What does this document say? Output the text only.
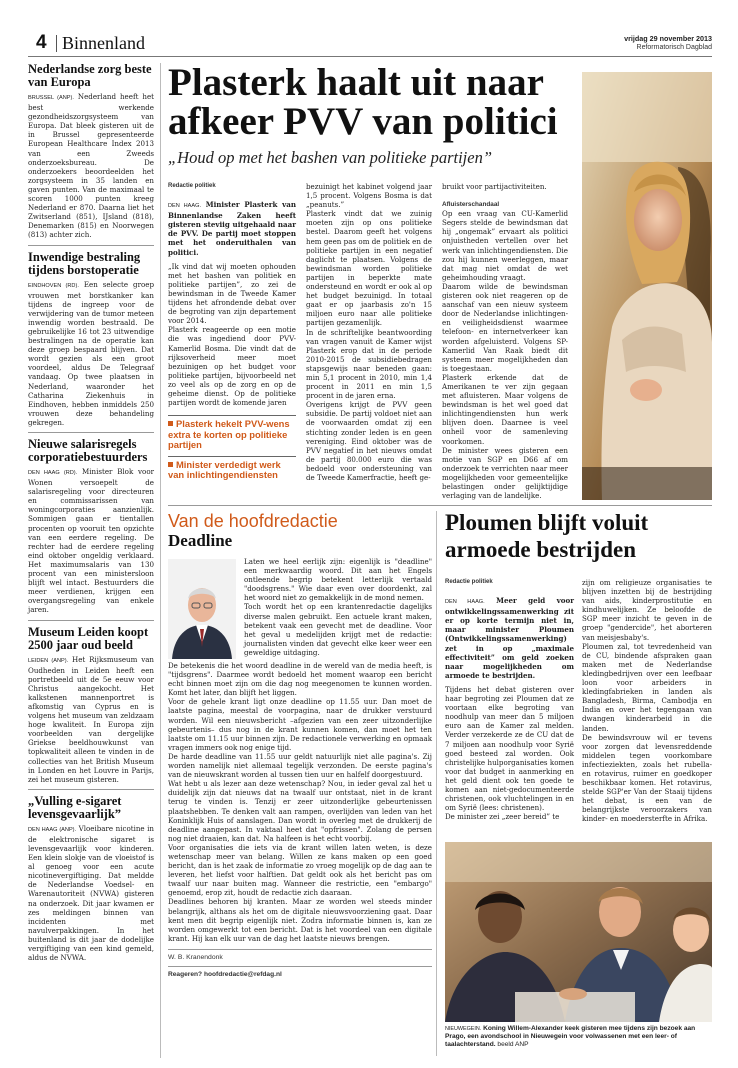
4 Binnenland	vrijdag 29 november 2013
Reformatorisch Dagblad
Nederlandse zorg beste van Europa
BRUSSEL (ANP). Nederland heeft het best werkende gezondheidszorgsysteem van Europa. Dat bleek gisteren uit de in Brussel gepresenteerde European Healthcare Index 2013 van een Zweeds onderzoeksbureau. De onderzoekers beoordeelden het zorgsysteem in 35 landen en gaven punten. Van de maximaal te scoren 1000 punten kreeg Nederland er 870. Daarna liet het Zwitserland (851), IJsland (818), Denemarken (815) en Noorwegen (813) achter zich.
Inwendige bestraling tijdens borstoperatie
EINDHOVEN (RD). Een selecte groep vrouwen met borstkanker kan tijdens de ingreep voor de verwijdering van de tumor meteen inwendig worden bestraald. De gebruikelijke 16 tot 23 uitwendige bestralingen na de operatie kan deze groep bespaard blijven. Dat wordt gezien als een groot voordeel, aldus De Telegraaf vandaag. Op twee plaatsen in Nederland, waaronder het Catharina Ziekenhuis in Eindhoven, hebben inmiddels 250 vrouwen deze behandeling gekregen.
Nieuwe salarisregels corporatiebestuurders
DEN HAAG (RD). Minister Blok voor Wonen versoepelt de salarisregeling voor directeuren en commissarissen van woningcorporaties aanzienlijk. Sommigen gaan er tientallen procenten op vooruit ten opzichte van een eerdere regeling. De rechter had de eerdere regeling eind oktober ongeldig verklaard. Het maximumsalaris van 130 procent van een ministersloon blijft wel intact. Bestuurders die meer verdienen, krijgen een overgangsregeling van enkele jaren.
Museum Leiden koopt 2500 jaar oud beeld
LEIDEN (ANP). Het Rijksmuseum van Oudheden in Leiden heeft een portretbeeld uit de 5e eeuw voor Christus aangekocht. Het kalkstenen mannenportret is afkomstig van Cyprus en is volgens het museum van zeldzaam hoge kwaliteit. In Europa zijn voorbeelden van dergelijke Griekse beeldhouwkunst van topkwaliteit alleen te vinden in de collecties van het British Museum in Londen en het Louvre in Parijs, zei het museum gisteren.
„Vulling e-sigaret levensgevaarlijk”
DEN HAAG (ANP). Vloeibare nicotine in de elektronische sigaret is levensgevaarlijk voor kinderen. Een klein slokje van de vloeistof is al genoeg voor een acute nicotinevergiftiging. Dat meldde de Nederlandse Voedsel- en Warenautoriteit (NVWA) gisteren na onderzoek. Dit jaar kwamen er zes meldingen binnen van incidenten met navulverpakkingen. In het buitenland is dit jaar de dodelijke vergiftiging van een kind gemeld, aldus de NVWA.
Plasterk haalt uit naar afkeer PVV van politici
„Houd op met het bashen van politieke partijen”
Redactie politiek
DEN HAAG. Minister Plasterk van Binnenlandse Zaken heeft gisteren steviig uitgehaald naar de PVV. De partij moet stoppen met het onderuithalen van politici.
„Ik vind dat wij moeten ophouden met het bashen van politiek en politieke partijen”, zo zei de bewindsman in de Tweede Kamer tijdens het afrondende debat over de begroting van zijn departement voor 2014.
Plasterk reageerde op een motie die was ingediend door PVV-Kamerlid Bosma. Die vindt dat de rijksoverheid meer moet bezuinigen op het budget voor politieke partijen, bijvoorbeeld net zo veel als op de zorg en op de geheime dienst. Op de politieke partijen wordt de komende jaren
Plasterk hekelt PVV-wens extra te korten op politieke partijen
Minister verdedigt werk van inlichtingendiensten
bezuinigt het kabinet volgend jaar 1,5 procent. Volgens Bosma is dat „peanuts.”
Plasterk vindt dat we zuinig moeten zijn op ons politieke bestel. Daarom geeft het volgens hem geen pas om de politiek en de politieke partijen in een negatief daglicht te plaatsen. Volgens de bewindsman worden politieke partijen in beperkte mate ondersteund en wordt er ook al op het budget bezuinigd. In totaal gaat er op jaarbasis zo'n 15 miljoen euro naar alle politieke partijen gezamenlijk.
In de schriftelijke beantwoording van vragen vanuit de Kamer wijst Plasterk erop dat in de periode 2010-2015 de subsidiebedragen stapsgewijs naar beneden gaan: min 5,1 procent in 2010, min 1,4 procent in 2011 en min 1,5 procent in de jaren erna.
Overigens krijgt de PVV geen subsidie. De partij voldoet niet aan de voorwaarden omdat zij een stichting zonder leden is en geen vereniging. Eind oktober was de PVV negatief in het nieuws omdat de partij 80.000 euro die was bedoeld voor ondersteuning van de Tweede Kamerfractie, heeft ge-
bruikt voor partijactiviteiten.
Afluisterschandaal
Op een vraag van CU-Kamerlid Segers stelde de bewindsman dat hij „ongemak” ervaart als politici onjuistheden vertellen over het werk van inlichtingendiensten. Die zou hij kunnen weerleggen, maar dat mag niet omdat de wet geheimhouding vraagt.
Daarom wilde de bewindsman gisteren ook niet reageren op de aanschaf van een nieuw systeem door de Nederlandse inlichtingen- en veiligheidsdienst waarmee telefoon- en internetverkeer kan worden afgeluisterd. Volgens SP-Kamerlid Van Raak biedt dit systeem meer mogelijkheden dan is toegestaan.
Plasterk erkende dat de Amerikanen te ver zijn gegaan met afluisteren. Maar volgens de bewindsman is het wel goed dat inlichtingendiensten hun werk blijven doen. Daarnee is veel onheil voor de samenleving voorkomen.
De minister wees gisteren een motie van SGP en D66 af om onderzoek te verrichten naar meer mogelijkheden voor gemeentelijke belastingen onder gelijktijdige verlaging van de landelijke.
Van de hoofdredactie
Deadline
Laten we heel eerlijk zijn: eigenlijk is "deadline" een merkwaardig woord. Dit aan het Engels ontleende begrip betekent letterlijk vertaald "doodsgrens." Wie daar even over doordenkt, zal het woord niet zo gemakkelijk in de mond nemen.
Toch wordt het op een krantenredactie dagelijks diverse malen gebruikt. Een actuele krant maken, betekent vaak een gevecht met de deadline. Voor het geval u medelijden krijgt met de redactie: journalisten vinden dat gevecht elke keer weer een geweldige uitdaging.
De betekenis die het woord deadline in de wereld van de media heeft, is "tijdsgrens". Daarmee wordt bedoeld het moment waarop een bericht echt binnen moet zijn om die dag nog meegenomen te kunnen worden. Komt het later, dan blijft het liggen.
Voor de gehele krant ligt onze deadline op 11.55 uur. Dan moet de laatste pagina, meestal de voorpagina, naar de drukker verstuurd worden. Wil een nieuwsbericht –afgezien van een zeer uitzonderlijke gebeurtenis– dus nog in de krant kunnen komen, dan moet het ten laatste om 11.15 uur binnen zijn. De redactionele verwerking en opmaak vragen immers ook nog enige tijd.
De harde deadline van 11.55 uur geldt natuurlijk niet alle pagina's. Zij worden namelijk niet allemaal tegelijk verzonden. De eerste pagina's van de nieuwskrant worden al tussen tien uur en halfelf doorgestuurd.
Wat hebt u als lezer aan deze wetenschap? Nou, in ieder geval zal het u duidelijk zijn dat nieuws dat na twaalf uur ontstaat, niet in de krant terug te vinden is. Tenzij er zeer uitzonderlijke gebeurtenissen plaatshebben. Te denken valt aan rampen, overlijden van leden van het Koninklijk Huis of aanslagen. Dan wordt in overleg met de drukkerij de deadline aangepast. In vaktaal heet dat "opfrissen". Zolang de persen nog niet draaien, kan dat. Na halfeen is het echt voorbij.
Voor organisaties die iets via de krant willen laten weten, is deze wetenschap meer van belang. Willen ze kans maken op een goed bericht, dan is het zaak de informatie zo vroeg mogelijk op de dag aan te leveren, het liefst voor halftien. Dat geldt ook als het bericht pas om twaalf uur naar buiten mag. Wanneer die restrictie, een "embargo" genoemd, erop zit, houdt de redactie zich daaraan.
Deadlines behoren bij kranten. Maar ze worden wel steeds minder belangrijk, althans als het om de digitale nieuwsvoorziening gaat. Daar kent men dit begrip eigenlijk niet. Zodra informatie binnen is, kan ze worden omgewerkt tot een bericht. Dat is het voordeel van een digitale krant. Hij kan elk uur van de dag het laatste nieuws brengen.
W. B. Kranendonk
Reageren? hoofdredactie@refdag.nl
Ploumen blijft voluit armoede bestrijden
Redactie politiek
DEN HAAG. Meer geld voor ontwikkelingssamenwerking zit er op korte termijn niet in, maar minister Ploumen (Ontwikkelingssamenwerking) zet in op „maximale effectiviteit” om geld zoeken naar mogelijkheden om armoede te bestrijden.
Tijdens het debat gisteren over haar begroting zei Ploumen dat ze voortaan elke begroting van noodhulp van meer dan 5 miljoen euro aan de Kamer zal melden. Verder verzekerde ze de CU dat de 7 miljoen aan noodhulp voor Syrië goed besteed zal worden. Ook christelijke hulporganisaties komen voor dat budget in aanmerking en het geld dient ook ten goede te komen aan niet-gedocumenteerde christenen, ook vluchtelingen in en om Syrië (lees: christenen).
De minister zei „zeer bereid” te
zijn om religieuze organisaties te blijven inzetten bij de bestrijding van aids, kinderprostitutie en kindhuwelijken. Ze beloofde de SGP meer inzicht te geven in de groep "gendercide", het aborteren van meisjesbaby's.
Ploumen zal, tot tevredenheid van de CU, bindende afspraken gaan maken met de Nederlandse kledingbedrijven over een leefbaar loon voor arbeiders in kledingfabrieken in landen als Bangladesh, Birma, Cambodja en India en over het tegengaan van dwangen kinderarbeid in die landen.
De bewindsvrouw wil er tevens voor zorgen dat levensreddende middelen tegen voorkombare infectieziekten, zoals het rubella- en rotavirus, ruimer en goedkoper beschikbaar komen. Het rotavirus, stelde SGP'er Van der Staaij tijdens het debat, is een van de belangrijkste veroorzakers van kinder- en moedersterfte in Afrika.
NIEUWEGEIN. Koning Willem-Alexander keek gisteren mee tijdens zijn bezoek aan Prago, een avondschool in Nieuwegein voor volwassenen met een leer- of taalachterstand. beeld ANP
